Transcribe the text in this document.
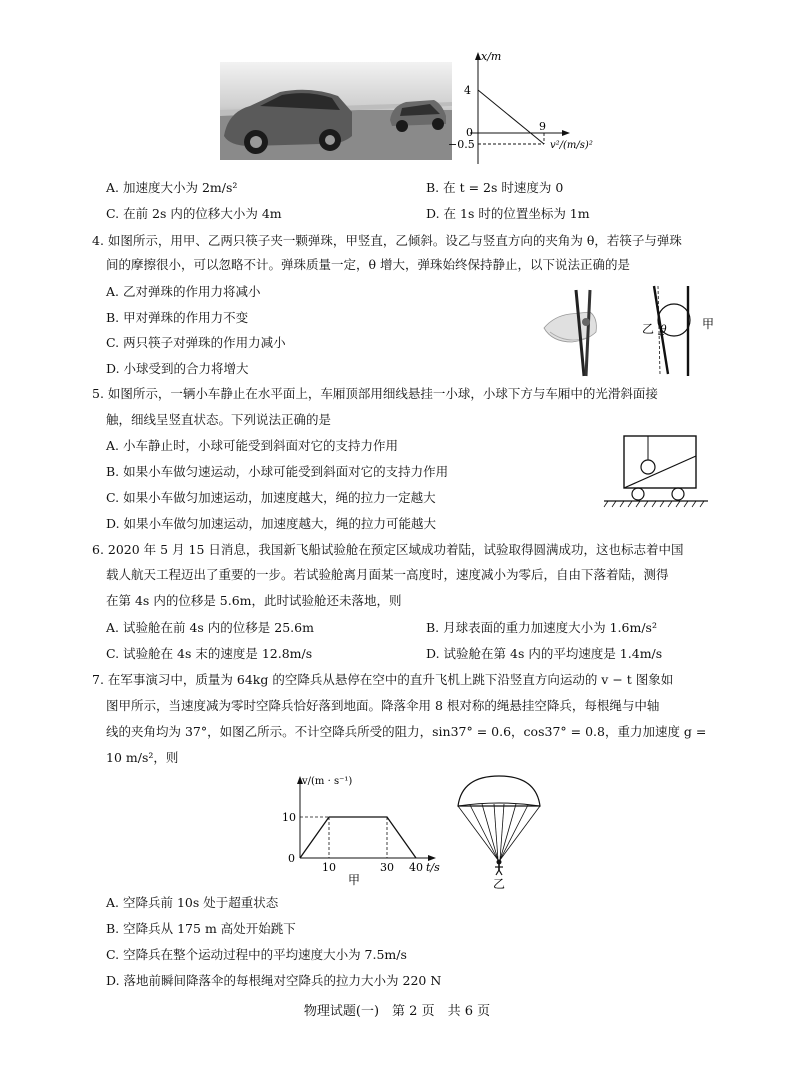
x/m
4
0
−0.5
9
v²/(m/s)²
A. 加速度大小为 2m/s²	B. 在 t = 2s 时速度为 0
C. 在前 2s 内的位移大小为 4m	D. 在 1s 时的位置坐标为 1m
4. 如图所示，用甲、乙两只筷子夹一颗弹珠，甲竖直，乙倾斜。设乙与竖直方向的夹角为 θ，若筷子与弹珠
间的摩擦很小，可以忽略不计。弹珠质量一定，θ 增大，弹珠始终保持静止，以下说法正确的是
A. 乙对弹珠的作用力将减小
B. 甲对弹珠的作用力不变
C. 两只筷子对弹珠的作用力减小
D. 小球受到的合力将增大
乙 θ	甲
5. 如图所示，一辆小车静止在水平面上，车厢顶部用细线悬挂一小球，小球下方与车厢中的光滑斜面接
触，细线呈竖直状态。下列说法正确的是
A. 小车静止时，小球可能受到斜面对它的支持力作用
B. 如果小车做匀速运动，小球可能受到斜面对它的支持力作用
C. 如果小车做匀加速运动，加速度越大，绳的拉力一定越大
D. 如果小车做匀加速运动，加速度越大，绳的拉力可能越大
6. 2020 年 5 月 15 日消息，我国新飞船试验舱在预定区域成功着陆，试验取得圆满成功，这也标志着中国
载人航天工程迈出了重要的一步。若试验舱离月面某一高度时，速度减小为零后，自由下落着陆，测得
在第 4s 内的位移是 5.6m，此时试验舱还未落地，则
A. 试验舱在前 4s 内的位移是 25.6m	B. 月球表面的重力加速度大小为 1.6m/s²
C. 试验舱在 4s 末的速度是 12.8m/s	D. 试验舱在第 4s 内的平均速度是 1.4m/s
7. 在军事演习中，质量为 64kg 的空降兵从悬停在空中的直升飞机上跳下沿竖直方向运动的 v − t 图象如
图甲所示，当速度减为零时空降兵恰好落到地面。降落伞用 8 根对称的绳悬挂空降兵，每根绳与中轴
线的夹角均为 37°，如图乙所示。不计空降兵所受的阻力，sin37° = 0.6，cos37° = 0.8，重力加速度 g =
10 m/s²，则
v/(m · s⁻¹)
10
0
10	30 40 t/s
甲	乙
A. 空降兵前 10s 处于超重状态
B. 空降兵从 175 m 高处开始跳下
C. 空降兵在整个运动过程中的平均速度大小为 7.5m/s
D. 落地前瞬间降落伞的每根绳对空降兵的拉力大小为 220 N
物理试题(一)　第 2 页　共 6 页
